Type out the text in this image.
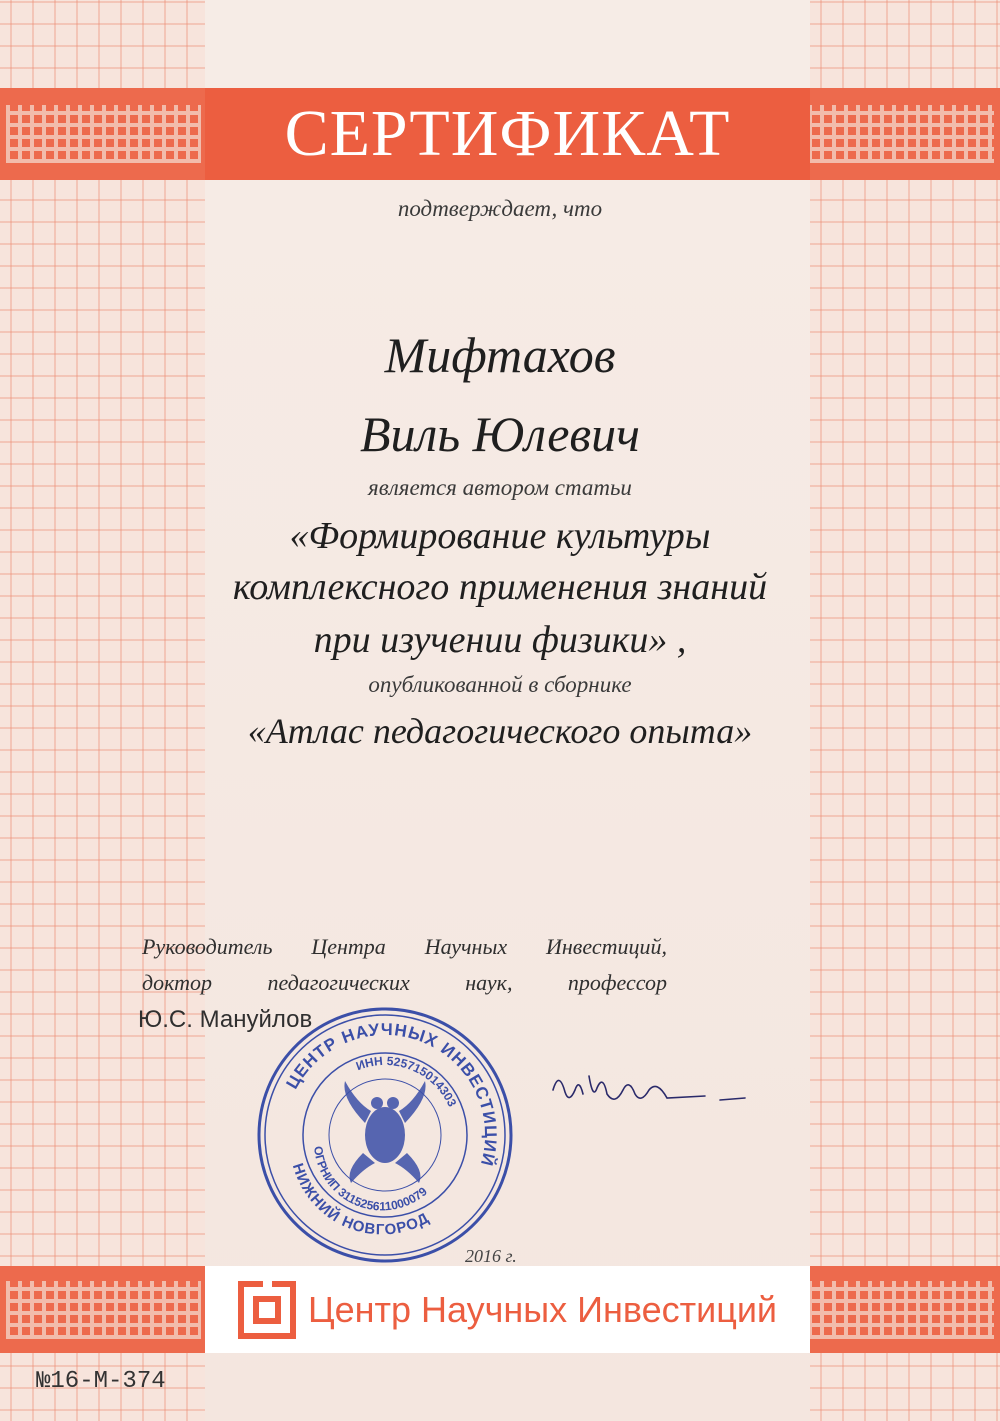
СЕРТИФИКАТ
подтверждает, что
Мифтахов
Виль Юлевич
является автором статьи
«Формирование культуры
комплексного применения знаний
при изучении физики» ,
опубликованной в сборнике
«Атлас педагогического опыта»
Руководитель Центра Научных Инвестиций,
доктор педагогических наук, профессор
Ю.С. Мануйлов
ЦЕНТР НАУЧНЫХ ИНВЕСТИЦИЙ
НИЖНИЙ НОВГОРОД
ИНН 525715014303
ОГРНИП 311525611000079
2016 г.
Центр Научных Инвестиций
№16-М-374
